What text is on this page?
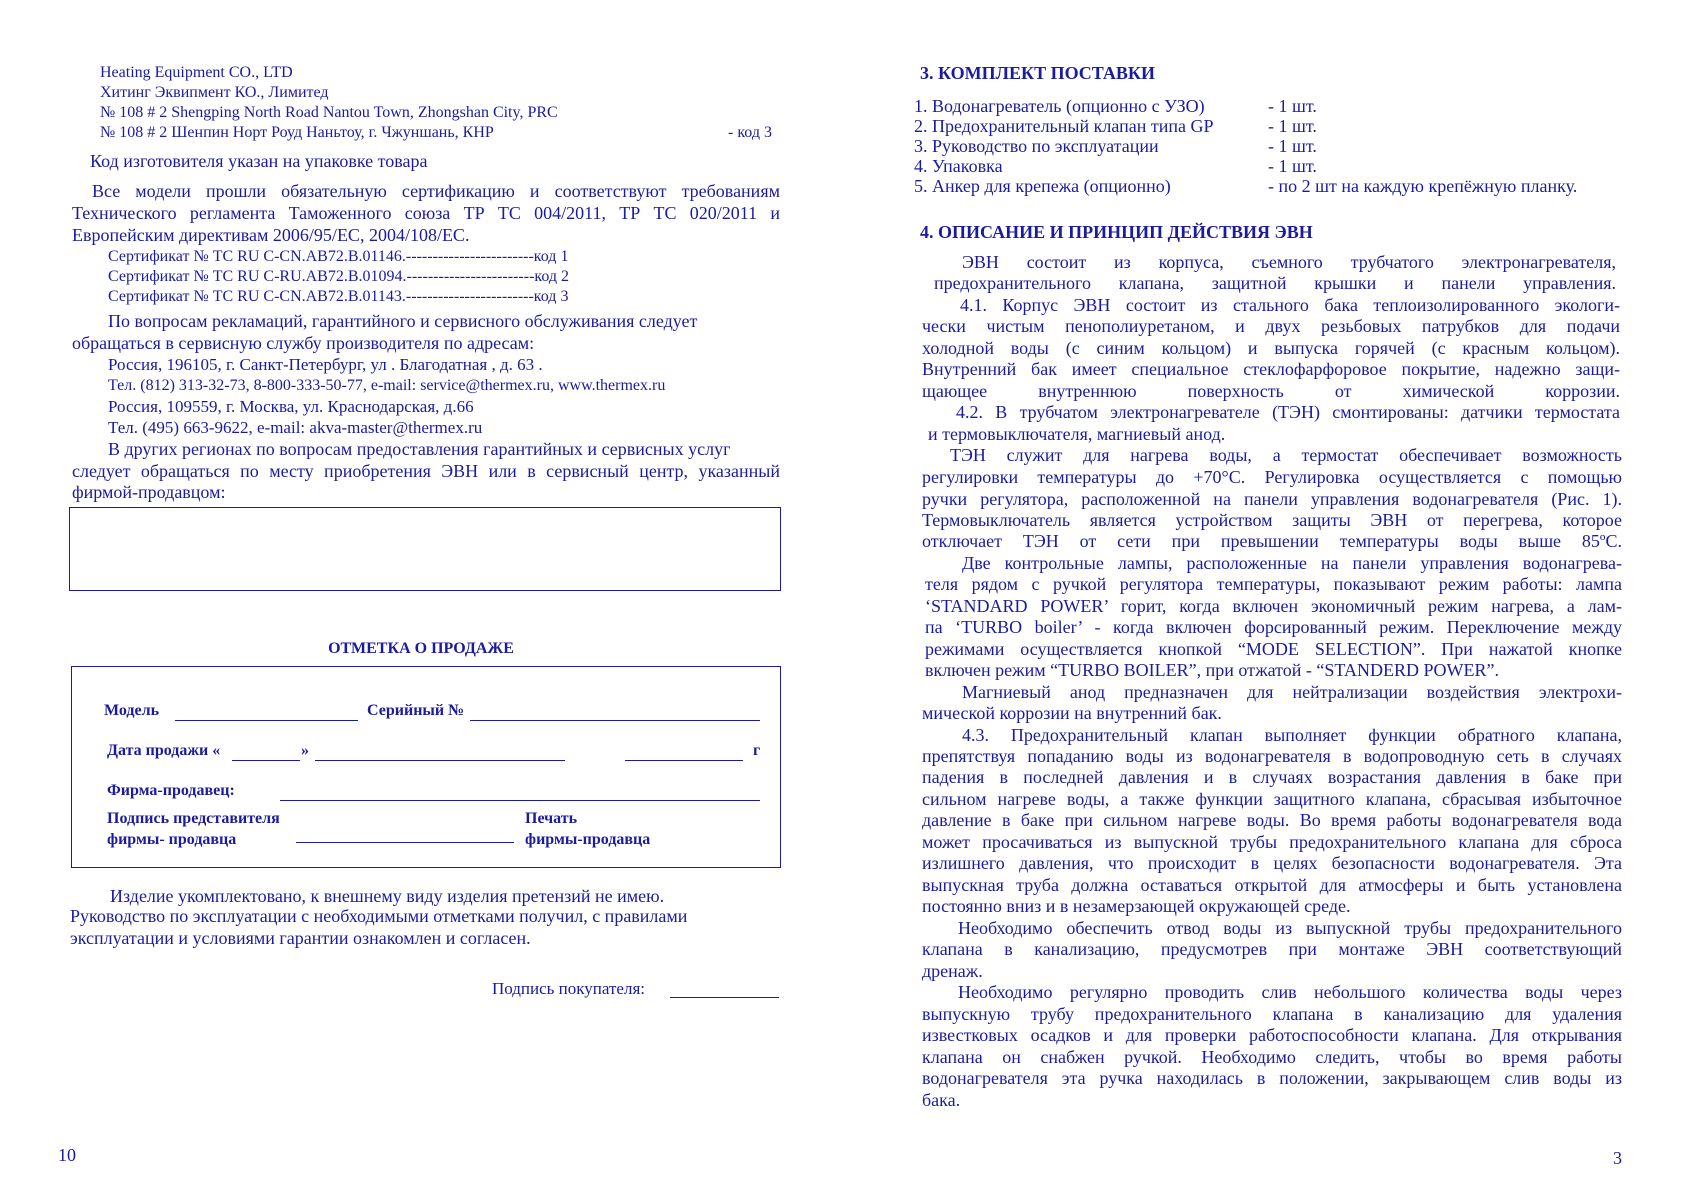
Heating Equipment CO., LTD
Хитинг Эквипмент КО., Лимитед
№ 108 # 2 Shengping North Road Nantou Town, Zhongshan City, PRC
№ 108 # 2 Шенпин Норт Роуд Наньтоу, г. Чжуншань, КНР	- код 3
Код изготовителя указан на упаковке товара
Все модели прошли обязательную сертификацию и соответствуют требованиям
Технического регламента Таможенного союза ТР ТС 004/2011, ТР ТС 020/2011 и
Европейским директивам 2006/95/ЕС, 2004/108/ЕС.
Сертификат № ТС RU С-CN.АВ72.В.01146.------------------------код 1
Сертификат № ТС RU С-RU.АВ72.В.01094.------------------------код 2
Сертификат № ТС RU С-CN.АВ72.В.01143.------------------------код 3
По вопросам рекламаций, гарантийного и сервисного обслуживания следует
обращаться в сервисную службу производителя по адресам:
Россия, 196105, г. Санкт-Петербург, ул . Благодатная , д. 63 .
Тел. (812) 313-32-73, 8-800-333-50-77, e-mail: service@thermex.ru, www.thermex.ru
Россия, 109559, г. Москва, ул. Краснодарская, д.66
Тел. (495) 663-9622, e-mail: akva-master@thermex.ru
В других регионах по вопросам предоставления гарантийных и сервисных услуг
следует обращаться по месту приобретения ЭВН или в сервисный центр, указанный
фирмой-продавцом:
ОТМЕТКА О ПРОДАЖЕ
Модель	Серийный №
Дата продажи «	»	г
Фирма-продавец:
Подпись представителя
фирмы- продавца
Печать
фирмы-продавца
Изделие укомплектовано, к внешнему виду изделия претензий не имею.
Руководство по эксплуатации с необходимыми отметками получил, с правилами
эксплуатации и условиями гарантии ознакомлен и согласен.
Подпись покупателя:
10
3. КОМПЛЕКТ ПОСТАВКИ
1. Водонагреватель (опционно с УЗО)	- 1 шт.
2. Предохранительный клапан типа GP	- 1 шт.
3. Руководство по эксплуатации	- 1 шт.
4. Упаковка	- 1 шт.
5. Анкер для крепежа (опционно)	- по 2 шт на каждую крепёжную планку.
4. ОПИСАНИЕ И ПРИНЦИП ДЕЙСТВИЯ ЭВН
ЭВН состоит из корпуса, съемного трубчатого электронагревателя,
предохранительного клапана, защитной крышки и панели управления.
4.1. Корпус ЭВН состоит из стального бака теплоизолированного экологи-
чески чистым пенополиуретаном, и двух резьбовых патрубков для подачи
холодной воды (с синим кольцом) и выпуска горячей (с красным кольцом).
Внутренний бак имеет специальное стеклофарфоровое покрытие, надежно защи-
щающее внутреннюю поверхность от химической коррозии.
4.2. В трубчатом электронагревателе (ТЭН) смонтированы: датчики термостата
и термовыключателя, магниевый анод.
ТЭН служит для нагрева воды, а термостат обеспечивает возможность
регулировки температуры до +70°С. Регулировка осуществляется с помощью
ручки регулятора, расположенной на панели управления водонагревателя (Рис. 1).
Термовыключатель является устройством защиты ЭВН от перегрева, которое
отключает ТЭН от сети при превышении температуры воды выше 85ºС.
Две контрольные лампы, расположенные на панели управления водонагрева-
теля рядом с ручкой регулятора температуры, показывают режим работы: лампа
‘STANDARD POWER’ горит, когда включен экономичный режим нагрева, а лам-
па ‘TURBO boiler’ - когда включен форсированный режим. Переключение между
режимами осуществляется кнопкой “MODE SELECTION”. При нажатой кнопке
включен режим “TURBO BOILER”, при отжатой - “STANDERD POWER”.
Магниевый анод предназначен для нейтрализации воздействия электрохи-
мической коррозии на внутренний бак.
4.3. Предохранительный клапан выполняет функции обратного клапана,
препятствуя попаданию воды из водонагревателя в водопроводную сеть в случаях
падения в последней давления и в случаях возрастания давления в баке при
сильном нагреве воды, а также функции защитного клапана, сбрасывая избыточное
давление в баке при сильном нагреве воды. Во время работы водонагревателя вода
может просачиваться из выпускной трубы предохранительного клапана для сброса
излишнего давления, что происходит в целях безопасности водонагревателя. Эта
выпускная труба должна оставаться открытой для атмосферы и быть установлена
постоянно вниз и в незамерзающей окружающей среде.
Необходимо обеспечить отвод воды из выпускной трубы предохранительного
клапана в канализацию, предусмотрев при монтаже ЭВН соответствующий
дренаж.
Необходимо регулярно проводить слив небольшого количества воды через
выпускную трубу предохранительного клапана в канализацию для удаления
известковых осадков и для проверки работоспособности клапана. Для открывания
клапана он снабжен ручкой. Необходимо следить, чтобы во время работы
водонагревателя эта ручка находилась в положении, закрывающем слив воды из
бака.
3
